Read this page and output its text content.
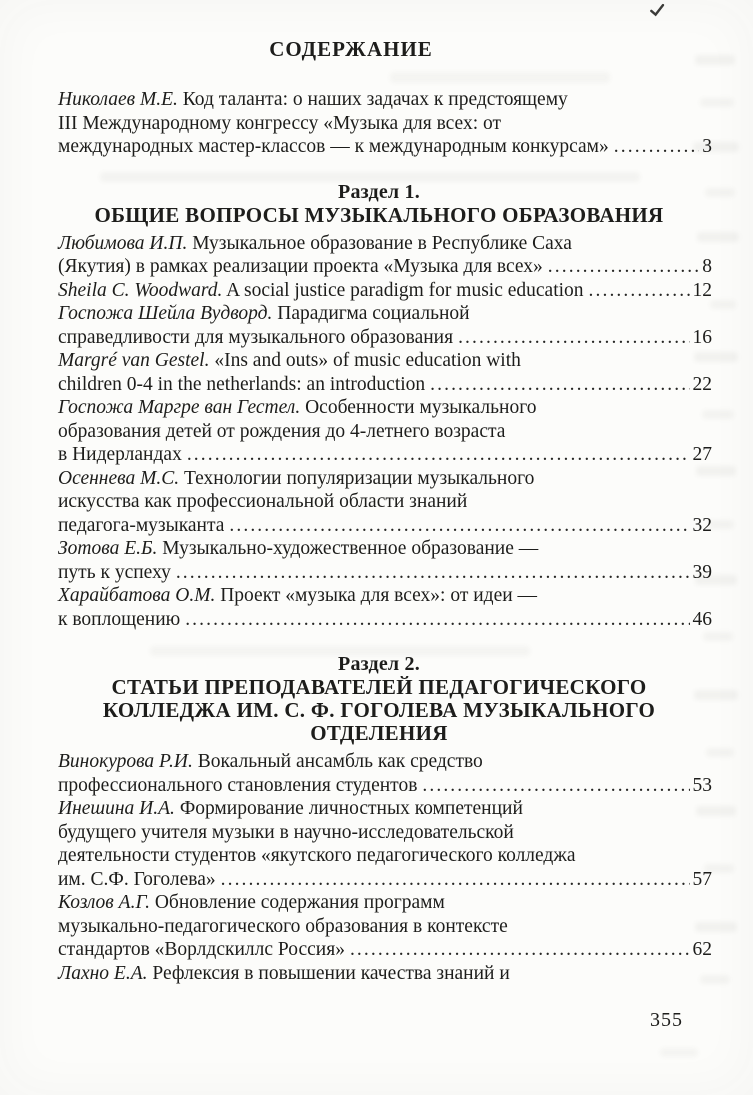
СОДЕРЖАНИЕ
Николаев М.Е. Код таланта: о наших задачах к предстоящему
III Международному конгрессу «Музыка для всех: от
международных мастер-классов — к международным конкурсам» .....	3
Раздел 1.
ОБЩИЕ ВОПРОСЫ МУЗЫКАЛЬНОГО ОБРАЗОВАНИЯ
Любимова И.П. Музыкальное образование в Республике Саха
(Якутия) в рамках реализации проекта «Музыка для всех» .....	8
Sheila C. Woodward. A social justice paradigm for music education .....	12
Госпожа Шейла Вудворд. Парадигма социальной
справедливости для музыкального образования .....	16
Margré van Gestel. «Ins and outs» of music education with
children 0-4 in the netherlands: an introduction .....	22
Госпожа Маргре ван Гестел. Особенности музыкального
образования детей от рождения до 4-летнего возраста
в Нидерландах .....	27
Осеннева М.С. Технологии популяризации музыкального
искусства как профессиональной области знаний
педагога-музыканта .....	32
Зотова Е.Б. Музыкально-художественное образование —
путь к успеху .....	39
Харайбатова О.М. Проект «музыка для всех»: от идеи —
к воплощению .....	46
Раздел 2.
СТАТЬИ ПРЕПОДАВАТЕЛЕЙ ПЕДАГОГИЧЕСКОГО
КОЛЛЕДЖА ИМ. С. Ф. ГОГОЛЕВА МУЗЫКАЛЬНОГО
ОТДЕЛЕНИЯ
Винокурова Р.И. Вокальный ансамбль как средство
профессионального становления студентов .....	53
Инешина И.А. Формирование личностных компетенций
будущего учителя музыки в научно-исследовательской
деятельности студентов «якутского педагогического колледжа
им. С.Ф. Гоголева» .....	57
Козлов А.Г. Обновление содержания программ
музыкально-педагогического образования в контексте
стандартов «Ворлдскиллс Россия» .....	62
Лахно Е.А. Рефлексия в повышении качества знаний и
355
